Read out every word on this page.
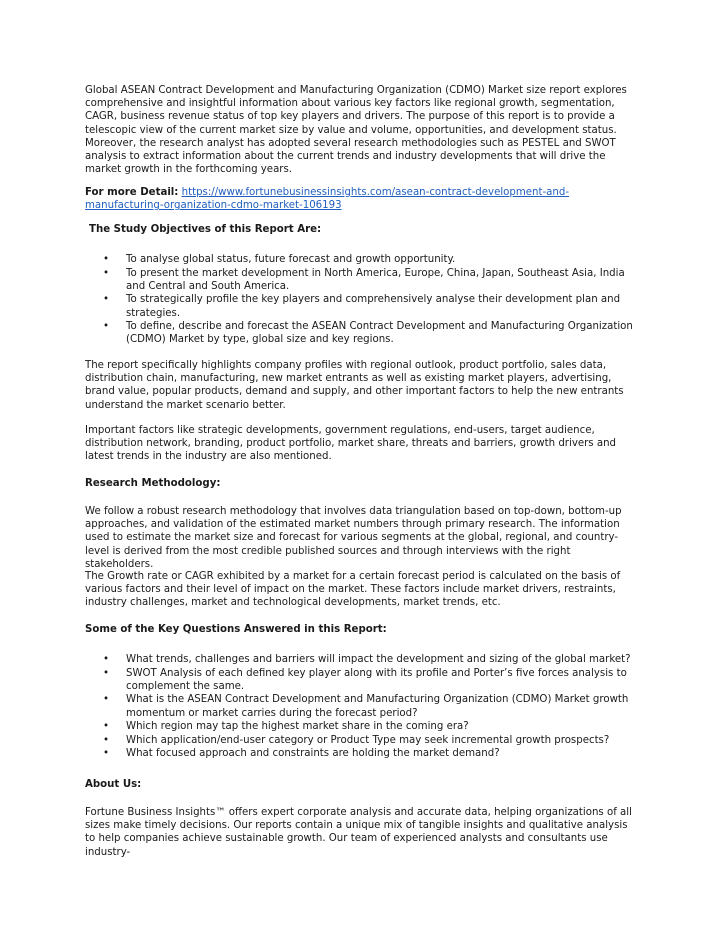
Global ASEAN Contract Development and Manufacturing Organization (CDMO) Market size report explores comprehensive and insightful information about various key factors like regional growth, segmentation, CAGR, business revenue status of top key players and drivers. The purpose of this report is to provide a telescopic view of the current market size by value and volume, opportunities, and development status. Moreover, the research analyst has adopted several research methodologies such as PESTEL and SWOT analysis to extract information about the current trends and industry developments that will drive the market growth in the forthcoming years.

For more Detail: https://www.fortunebusinessinsights.com/asean-contract-development-and-manufacturing-organization-cdmo-market-106193

The Study Objectives of this Report Are:

• To analyse global status, future forecast and growth opportunity.
• To present the market development in North America, Europe, China, Japan, Southeast Asia, India and Central and South America.
• To strategically profile the key players and comprehensively analyse their development plan and strategies.
• To define, describe and forecast the ASEAN Contract Development and Manufacturing Organization (CDMO) Market by type, global size and key regions.

The report specifically highlights company profiles with regional outlook, product portfolio, sales data, distribution chain, manufacturing, new market entrants as well as existing market players, advertising, brand value, popular products, demand and supply, and other important factors to help the new entrants understand the market scenario better.

Important factors like strategic developments, government regulations, end-users, target audience, distribution network, branding, product portfolio, market share, threats and barriers, growth drivers and latest trends in the industry are also mentioned.

Research Methodology:

We follow a robust research methodology that involves data triangulation based on top-down, bottom-up approaches, and validation of the estimated market numbers through primary research. The information used to estimate the market size and forecast for various segments at the global, regional, and country-level is derived from the most credible published sources and through interviews with the right stakeholders.

The Growth rate or CAGR exhibited by a market for a certain forecast period is calculated on the basis of various factors and their level of impact on the market. These factors include market drivers, restraints, industry challenges, market and technological developments, market trends, etc.

Some of the Key Questions Answered in this Report:

• What trends, challenges and barriers will impact the development and sizing of the global market?
• SWOT Analysis of each defined key player along with its profile and Porter’s five forces analysis to complement the same.
• What is the ASEAN Contract Development and Manufacturing Organization (CDMO) Market growth momentum or market carries during the forecast period?
• Which region may tap the highest market share in the coming era?
• Which application/end-user category or Product Type may seek incremental growth prospects?
• What focused approach and constraints are holding the market demand?

About Us:

Fortune Business Insights™ offers expert corporate analysis and accurate data, helping organizations of all sizes make timely decisions. Our reports contain a unique mix of tangible insights and qualitative analysis to help companies achieve sustainable growth. Our team of experienced analysts and consultants use industry-
